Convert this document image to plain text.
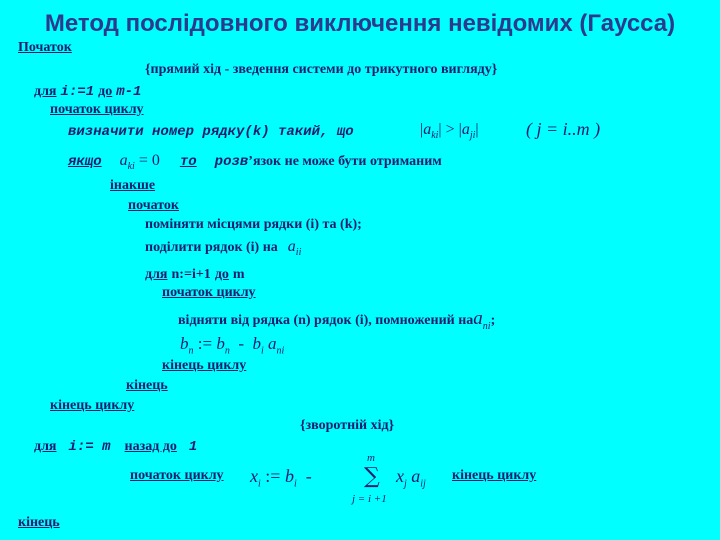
Метод послідовного виключення невідомих (Гаусса)
Початок
{прямий хід - зведення системи до трикутного вигляду}
для i:=1 до m-1
початок циклу
визначити номер рядку(k) такий, що	$|a_{ki}| > |a_{ji}|$	( j = i..m )
якщо $a_{ki} = 0$ то розв’язок не може бути отриманим
інакше
початок
поміняти місцями рядки (i) та (k);
поділити рядок (i) на $a_{ii}$
для n:=i+1 до m
початок циклу
відняти від рядка (n) рядок (i), помножений наa$_{ni}$;
$b_n$ := $b_n - b_i$ $a_{ni}$
кінець циклу
кінець
кінець циклу
{зворотній хід}
для i:= m назад до 1
початок циклу $x_i$ := $b_i$  -
m
∑
j = i +1
$x_j$ $a_{ij}$
кінець циклу
кінець
